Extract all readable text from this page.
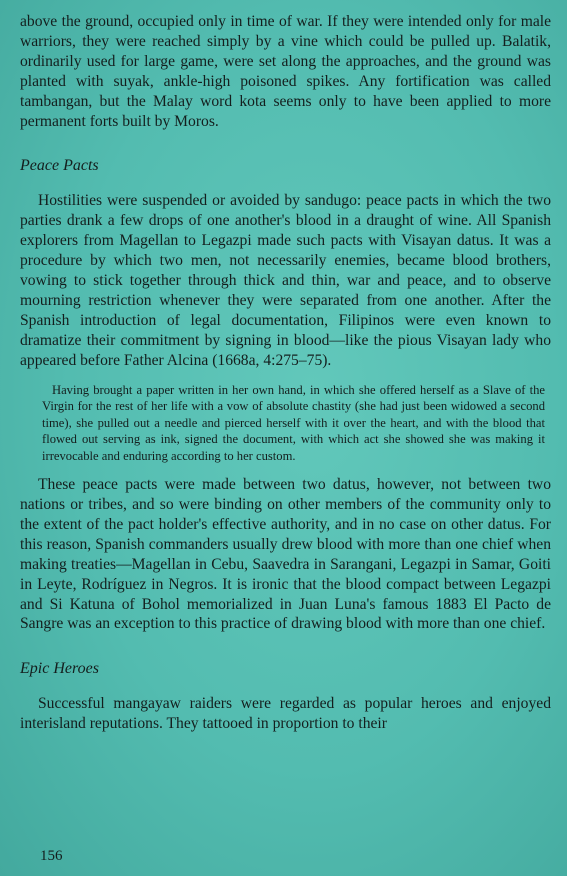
above the ground, occupied only in time of war. If they were intended only for male warriors, they were reached simply by a vine which could be pulled up. Balatik, ordinarily used for large game, were set along the approaches, and the ground was planted with suyak, ankle-high poisoned spikes. Any fortification was called tambangan, but the Malay word kota seems only to have been applied to more permanent forts built by Moros.

Peace Pacts

Hostilities were suspended or avoided by sandugo: peace pacts in which the two parties drank a few drops of one another's blood in a draught of wine. All Spanish explorers from Magellan to Legazpi made such pacts with Visayan datus. It was a procedure by which two men, not necessarily enemies, became blood brothers, vowing to stick together through thick and thin, war and peace, and to observe mourning restriction whenever they were separated from one another. After the Spanish introduction of legal documentation, Filipinos were even known to dramatize their commitment by signing in blood—like the pious Visayan lady who appeared before Father Alcina (1668a, 4:275–75).

Having brought a paper written in her own hand, in which she offered herself as a Slave of the Virgin for the rest of her life with a vow of absolute chastity (she had just been widowed a second time), she pulled out a needle and pierced herself with it over the heart, and with the blood that flowed out serving as ink, signed the document, with which act she showed she was making it irrevocable and enduring according to her custom.

These peace pacts were made between two datus, however, not between two nations or tribes, and so were binding on other members of the community only to the extent of the pact holder's effective authority, and in no case on other datus. For this reason, Spanish commanders usually drew blood with more than one chief when making treaties—Magellan in Cebu, Saavedra in Sarangani, Legazpi in Samar, Goiti in Leyte, Rodríguez in Negros. It is ironic that the blood compact between Legazpi and Si Katuna of Bohol memorialized in Juan Luna's famous 1883 El Pacto de Sangre was an exception to this practice of drawing blood with more than one chief.

Epic Heroes

Successful mangayaw raiders were regarded as popular heroes and enjoyed interisland reputations. They tattooed in proportion to their

156
